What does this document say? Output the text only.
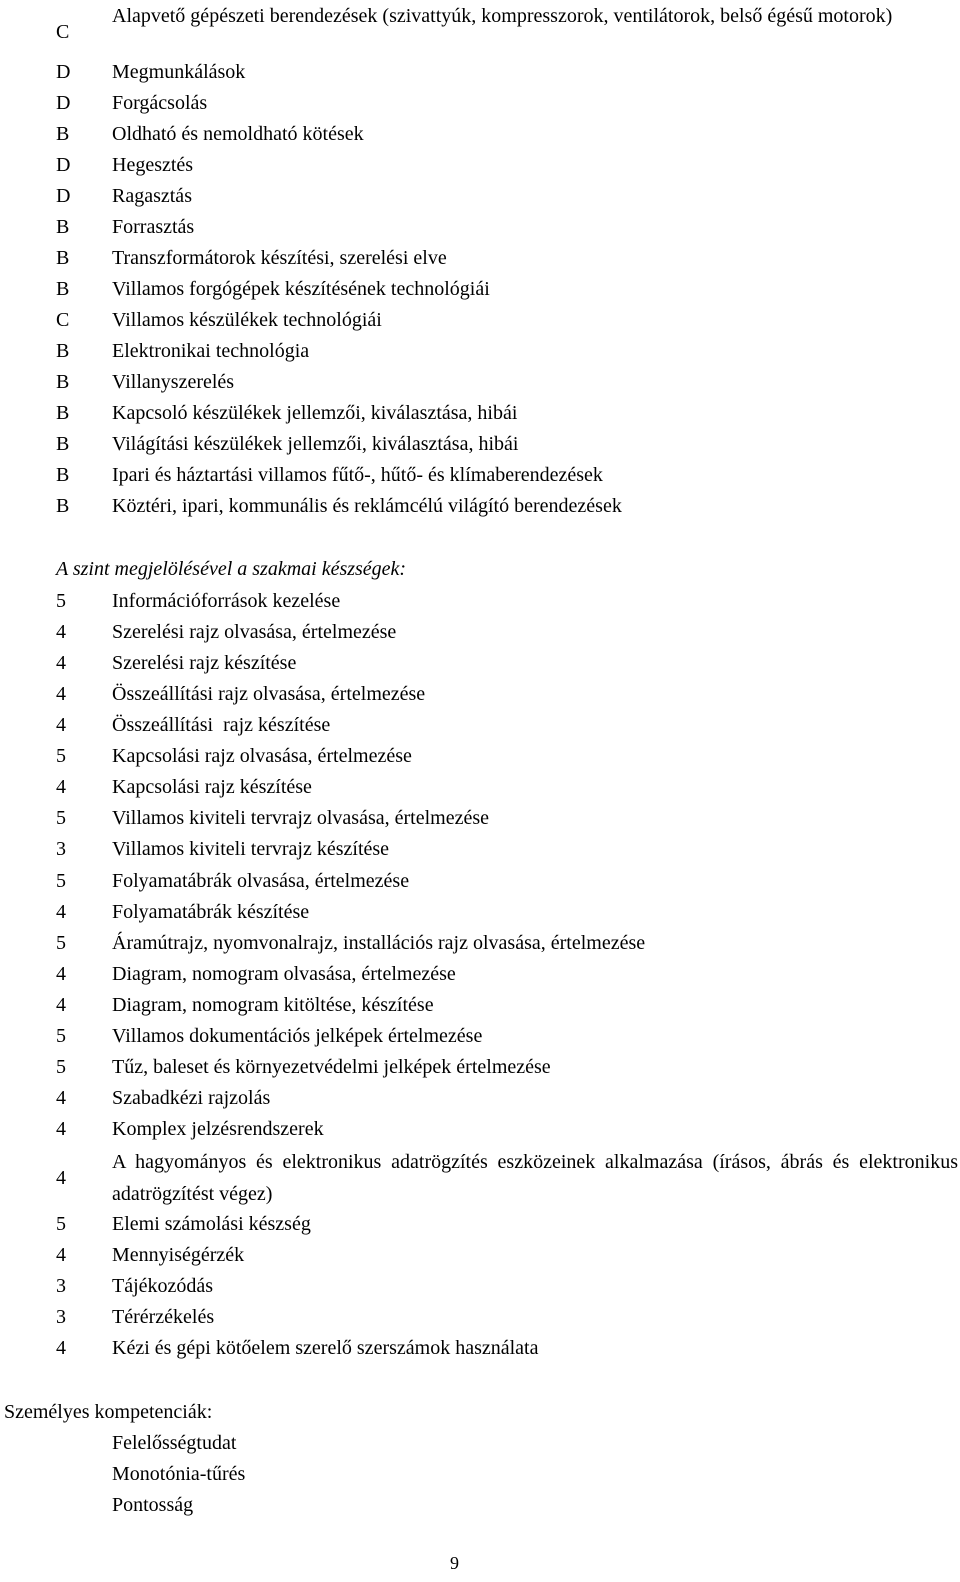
C
Alapvető gépészeti berendezések (szivattyúk, kompresszorok, ventilátorok, belső égésű motorok)
D Megmunkálások
D Forgácsolás
B Oldható és nemoldható kötések
D Hegesztés
D Ragasztás
B Forrasztás
B Transzformátorok készítési, szerelési elve
B Villamos forgógépek készítésének technológiái
C Villamos készülékek technológiái
B Elektronikai technológia
B Villanyszerelés
B Kapcsoló készülékek jellemzői, kiválasztása, hibái
B Világítási készülékek jellemzői, kiválasztása, hibái
B Ipari és háztartási villamos fűtő-, hűtő- és klímaberendezések
B Köztéri, ipari, kommunális és reklámcélú világító berendezések
A szint megjelölésével a szakmai készségek:
5 Információforrások kezelése
4 Szerelési rajz olvasása, értelmezése
4 Szerelési rajz készítése
4 Összeállítási rajz olvasása, értelmezése
4 Összeállítási  rajz készítése
5 Kapcsolási rajz olvasása, értelmezése
4 Kapcsolási rajz készítése
5 Villamos kiviteli tervrajz olvasása, értelmezése
3 Villamos kiviteli tervrajz készítése
5 Folyamatábrák olvasása, értelmezése
4 Folyamatábrák készítése
5 Áramútrajz, nyomvonalrajz, installációs rajz olvasása, értelmezése
4 Diagram, nomogram olvasása, értelmezése
4 Diagram, nomogram kitöltése, készítése
5 Villamos dokumentációs jelképek értelmezése
5 Tűz, baleset és környezetvédelmi jelképek értelmezése
4 Szabadkézi rajzolás
4 Komplex jelzésrendszerek
4
A hagyományos és elektronikus adatrögzítés eszközeinek alkalmazása (írásos, ábrás és elektronikus adatrögzítést végez)
5 Elemi számolási készség
4 Mennyiségérzék
3 Tájékozódás
3 Térérzékelés
4 Kézi és gépi kötőelem szerelő szerszámok használata
Személyes kompetenciák:
Felelősségtudat
Monotónia-tűrés
Pontosság
9
